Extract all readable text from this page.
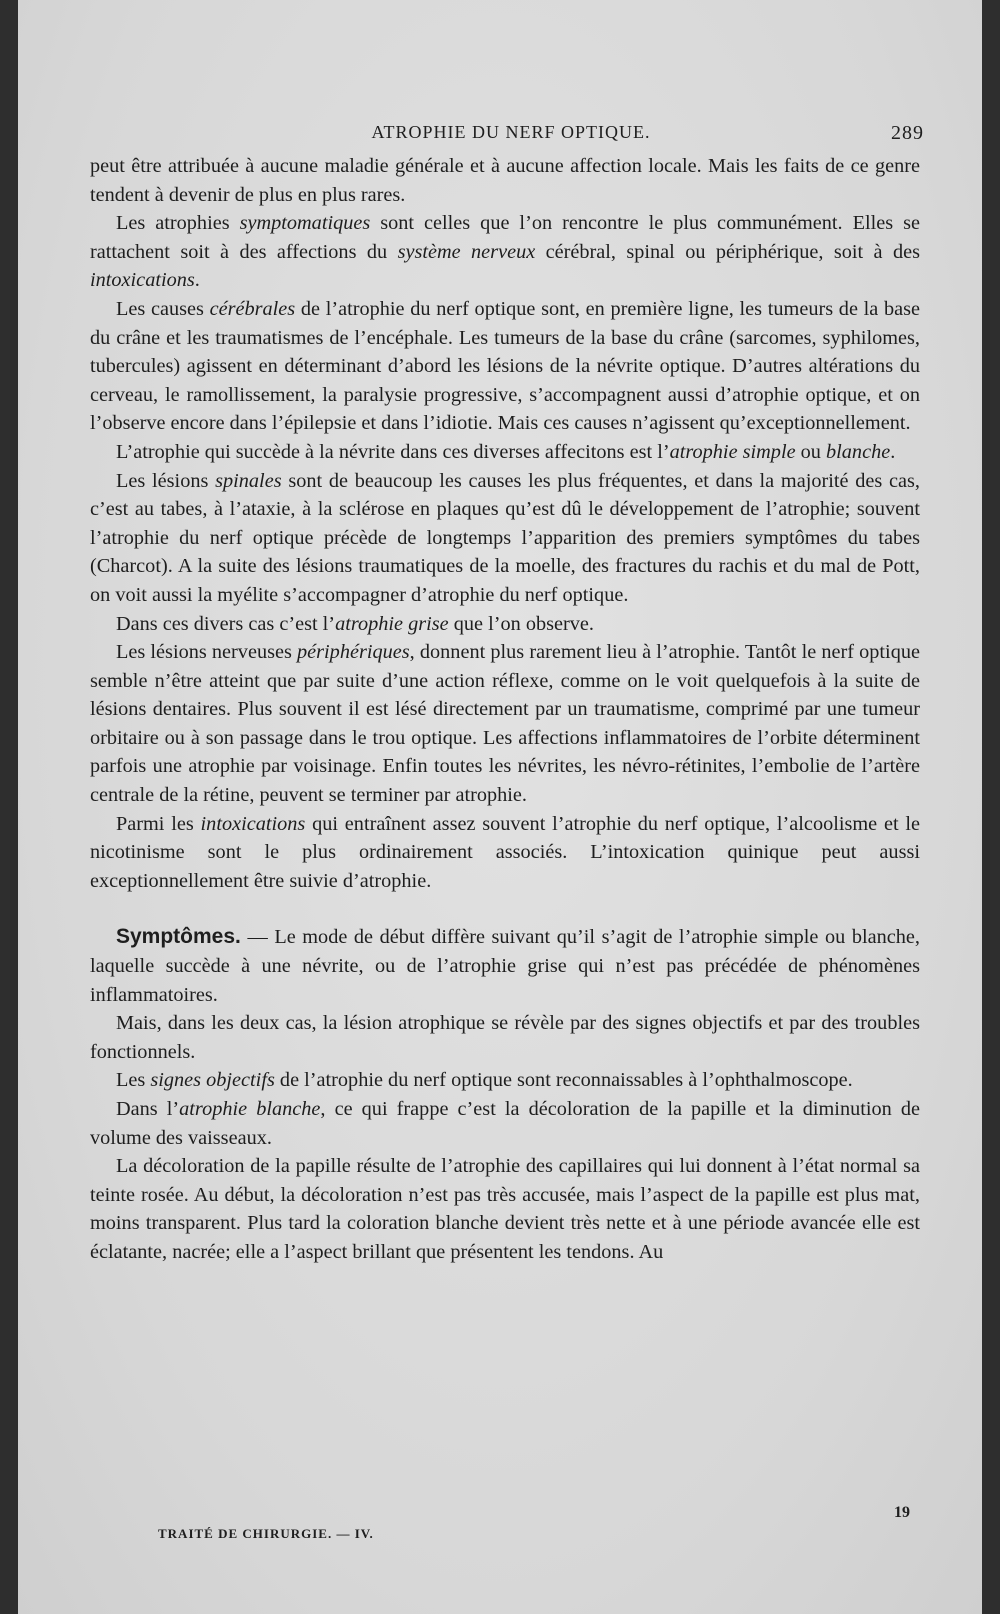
ATROPHIE DU NERF OPTIQUE.	289

peut être attribuée à aucune maladie générale et à aucune affection locale. Mais les faits de ce genre tendent à devenir de plus en plus rares.

Les atrophies symptomatiques sont celles que l’on rencontre le plus communément. Elles se rattachent soit à des affections du système nerveux cérébral, spinal ou périphérique, soit à des intoxications.

Les causes cérébrales de l’atrophie du nerf optique sont, en première ligne, les tumeurs de la base du crâne et les traumatismes de l’encéphale. Les tumeurs de la base du crâne (sarcomes, syphilomes, tubercules) agissent en déterminant d’abord les lésions de la névrite optique. D’autres altérations du cerveau, le ramollissement, la paralysie progressive, s’accompagnent aussi d’atrophie optique, et on l’observe encore dans l’épilepsie et dans l’idiotie. Mais ces causes n’agissent qu’exceptionnellement.

L’atrophie qui succède à la névrite dans ces diverses affecitons est l’atrophie simple ou blanche.

Les lésions spinales sont de beaucoup les causes les plus fréquentes, et dans la majorité des cas, c’est au tabes, à l’ataxie, à la sclérose en plaques qu’est dû le développement de l’atrophie; souvent l’atrophie du nerf optique précède de longtemps l’apparition des premiers symptômes du tabes (Charcot). A la suite des lésions traumatiques de la moelle, des fractures du rachis et du mal de Pott, on voit aussi la myélite s’accompagner d’atrophie du nerf optique.

Dans ces divers cas c’est l’atrophie grise que l’on observe.

Les lésions nerveuses périphériques, donnent plus rarement lieu à l’atrophie. Tantôt le nerf optique semble n’être atteint que par suite d’une action réflexe, comme on le voit quelquefois à la suite de lésions dentaires. Plus souvent il est lésé directement par un traumatisme, comprimé par une tumeur orbitaire ou à son passage dans le trou optique. Les affections inflammatoires de l’orbite déterminent parfois une atrophie par voisinage. Enfin toutes les névrites, les névro-rétinites, l’embolie de l’artère centrale de la rétine, peuvent se terminer par atrophie.

Parmi les intoxications qui entraînent assez souvent l’atrophie du nerf optique, l’alcoolisme et le nicotinisme sont le plus ordinairement associés. L’intoxication quinique peut aussi exceptionnellement être suivie d’atrophie.

Symptômes. — Le mode de début diffère suivant qu’il s’agit de l’atrophie simple ou blanche, laquelle succède à une névrite, ou de l’atrophie grise qui n’est pas précédée de phénomènes inflammatoires.

Mais, dans les deux cas, la lésion atrophique se révèle par des signes objectifs et par des troubles fonctionnels.

Les signes objectifs de l’atrophie du nerf optique sont reconnaissables à l’ophthalmoscope.

Dans l’atrophie blanche, ce qui frappe c’est la décoloration de la papille et la diminution de volume des vaisseaux.

La décoloration de la papille résulte de l’atrophie des capillaires qui lui donnent à l’état normal sa teinte rosée. Au début, la décoloration n’est pas très accusée, mais l’aspect de la papille est plus mat, moins transparent. Plus tard la coloration blanche devient très nette et à une période avancée elle est éclatante, nacrée; elle a l’aspect brillant que présentent les tendons. Au

19
TRAITÉ DE CHIRURGIE. — IV.
